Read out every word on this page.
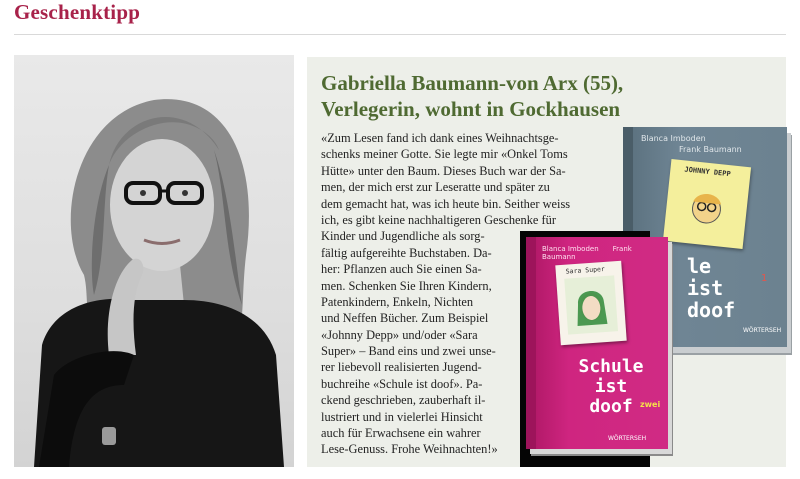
Geschenktipp
Gabriella Baumann-von Arx (55),
Verlegerin, wohnt in Gockhausen
«Zum Lesen fand ich dank eines Weihnachtsge-
schenks meiner Gotte. Sie legte mir «Onkel Toms
Hütte» unter den Baum. Dieses Buch war der Sa-
men, der mich erst zur Leseratte und später zu
dem gemacht hat, was ich heute bin. Seither weiss
ich, es gibt keine nachhaltigeren Geschenke für
Kinder und Jugendliche als sorg-
fältig aufgereihte Buchstaben. Da-
her: Pflanzen auch Sie einen Sa-
men. Schenken Sie Ihren Kindern,
Patenkindern, Enkeln, Nichten
und Neffen Bücher. Zum Beispiel
«Johnny Depp» und/oder «Sara
Super» – Band eins und zwei unse-
rer liebevoll realisierten Jugend-
buchreihe «Schule ist doof». Pa-
ckend geschrieben, zauberhaft il-
lustriert und in vielerlei Hinsicht
auch für Erwachsene ein wahrer
Lese-Genuss. Frohe Weihnachten!»
Blanca Imboden
Frank Baumann
JOHNNY DEPP
le
ist
doof
1
WÖRTERSEH
Blanca Imboden Frank Baumann
Sara Super
Schule
ist
doof zwei
WÖRTERSEH
